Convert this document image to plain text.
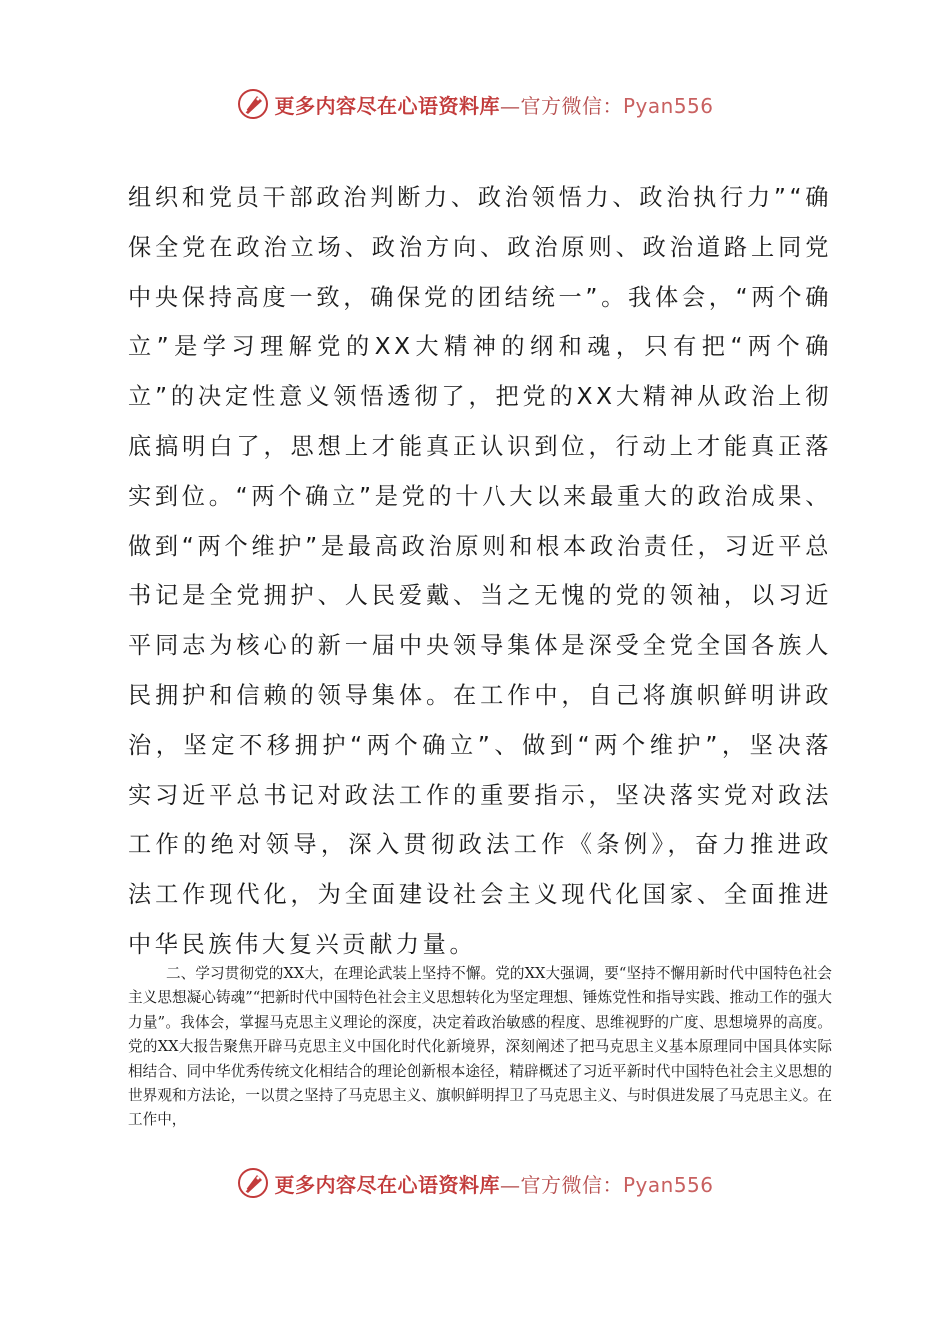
更多内容尽在心语资料库—官方微信：Pyan556

组织和党员干部政治判断力、政治领悟力、政治执行力”“确保全党在政治立场、政治方向、政治原则、政治道路上同党中央保持高度一致，确保党的团结统一”。我体会，“两个确立”是学习理解党的XX大精神的纲和魂，只有把“两个确立”的决定性意义领悟透彻了，把党的XX大精神从政治上彻底搞明白了，思想上才能真正认识到位，行动上才能真正落实到位。“两个确立”是党的十八大以来最重大的政治成果、做到“两个维护”是最高政治原则和根本政治责任，习近平总书记是全党拥护、人民爱戴、当之无愧的党的领袖，以习近平同志为核心的新一届中央领导集体是深受全党全国各族人民拥护和信赖的领导集体。在工作中，自己将旗帜鲜明讲政治，坚定不移拥护“两个确立”、做到“两个维护”，坚决落实习近平总书记对政法工作的重要指示，坚决落实党对政法工作的绝对领导，深入贯彻政法工作《条例》，奋力推进政法工作现代化，为全面建设社会主义现代化国家、全面推进中华民族伟大复兴贡献力量。

二、学习贯彻党的XX大，在理论武装上坚持不懈。党的XX大强调，要“坚持不懈用新时代中国特色社会主义思想凝心铸魂”“把新时代中国特色社会主义思想转化为坚定理想、锤炼党性和指导实践、推动工作的强大力量”。我体会，掌握马克思主义理论的深度，决定着政治敏感的程度、思维视野的广度、思想境界的高度。党的XX大报告聚焦开辟马克思主义中国化时代化新境界，深刻阐述了把马克思主义基本原理同中国具体实际相结合、同中华优秀传统文化相结合的理论创新根本途径，精辟概述了习近平新时代中国特色社会主义思想的世界观和方法论，一以贯之坚持了马克思主义、旗帜鲜明捍卫了马克思主义、与时俱进发展了马克思主义。在工作中，

更多内容尽在心语资料库—官方微信：Pyan556
